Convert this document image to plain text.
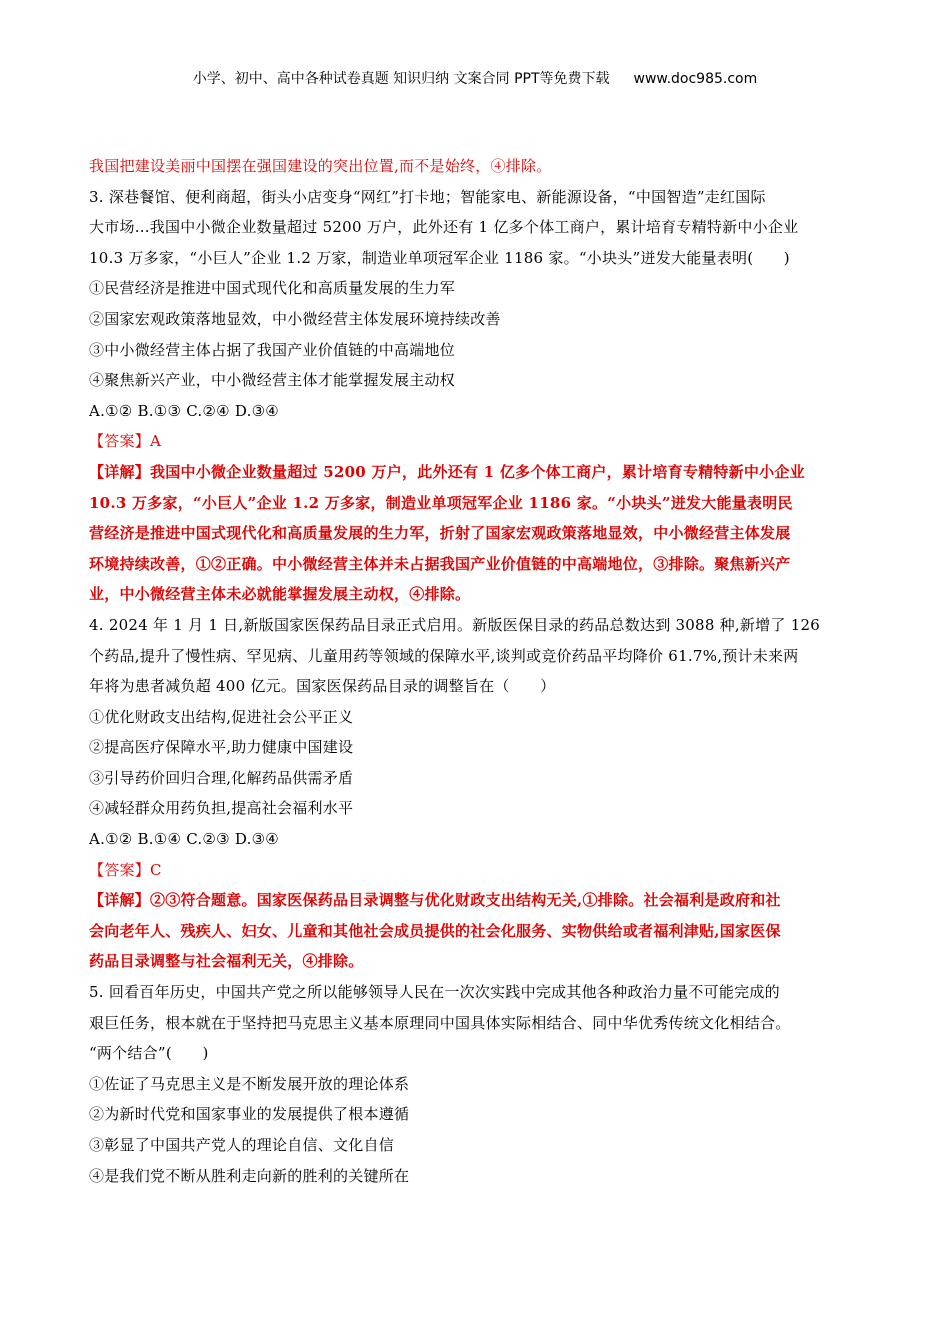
小学、初中、高中各种试卷真题 知识归纳 文案合同 PPT等免费下载 www.doc985.com
我国把建设美丽中国摆在强国建设的突出位置,而不是始终，④排除。
3. 深巷餐馆、便利商超，街头小店变身“网红”打卡地；智能家电、新能源设备，“中国智造”走红国际
大市场...我国中小微企业数量超过 5200 万户，此外还有 1 亿多个体工商户，累计培育专精特新中小企业
10.3 万多家，“小巨人”企业 1.2 万家，制造业单项冠军企业 1186 家。“小块头”迸发大能量表明(　　)
①民营经济是推进中国式现代化和高质量发展的生力军
②国家宏观政策落地显效，中小微经营主体发展环境持续改善
③中小微经营主体占据了我国产业价值链的中高端地位
④聚焦新兴产业，中小微经营主体才能掌握发展主动权
A.①② B.①③ C.②④ D.③④
【答案】A
【详解】我国中小微企业数量超过 5200 万户，此外还有 1 亿多个体工商户，累计培育专精特新中小企业
10.3 万多家，“小巨人”企业 1.2 万多家，制造业单项冠军企业 1186 家。“小块头”迸发大能量表明民
营经济是推进中国式现代化和高质量发展的生力军，折射了国家宏观政策落地显效，中小微经营主体发展
环境持续改善，①②正确。中小微经营主体并未占据我国产业价值链的中高端地位，③排除。聚焦新兴产
业，中小微经营主体未必就能掌握发展主动权，④排除。
4. 2024 年 1 月 1 日,新版国家医保药品目录正式启用。新版医保目录的药品总数达到 3088 种,新增了 126
个药品,提升了慢性病、罕见病、儿童用药等领域的保障水平,谈判或竞价药品平均降价 61.7%,预计未来两
年将为患者减负超 400 亿元。国家医保药品目录的调整旨在（　　）
①优化财政支出结构,促进社会公平正义
②提高医疗保障水平,助力健康中国建设
③引导药价回归合理,化解药品供需矛盾
④减轻群众用药负担,提高社会福利水平
A.①② B.①④ C.②③ D.③④
【答案】C
【详解】②③符合题意。国家医保药品目录调整与优化财政支出结构无关,①排除。社会福利是政府和社
会向老年人、残疾人、妇女、儿童和其他社会成员提供的社会化服务、实物供给或者福利津贴,国家医保
药品目录调整与社会福利无关，④排除。
5. 回看百年历史，中国共产党之所以能够领导人民在一次次实践中完成其他各种政治力量不可能完成的
艰巨任务，根本就在于坚持把马克思主义基本原理同中国具体实际相结合、同中华优秀传统文化相结合。
“两个结合”(　　)
①佐证了马克思主义是不断发展开放的理论体系
②为新时代党和国家事业的发展提供了根本遵循
③彰显了中国共产党人的理论自信、文化自信
④是我们党不断从胜利走向新的胜利的关键所在
